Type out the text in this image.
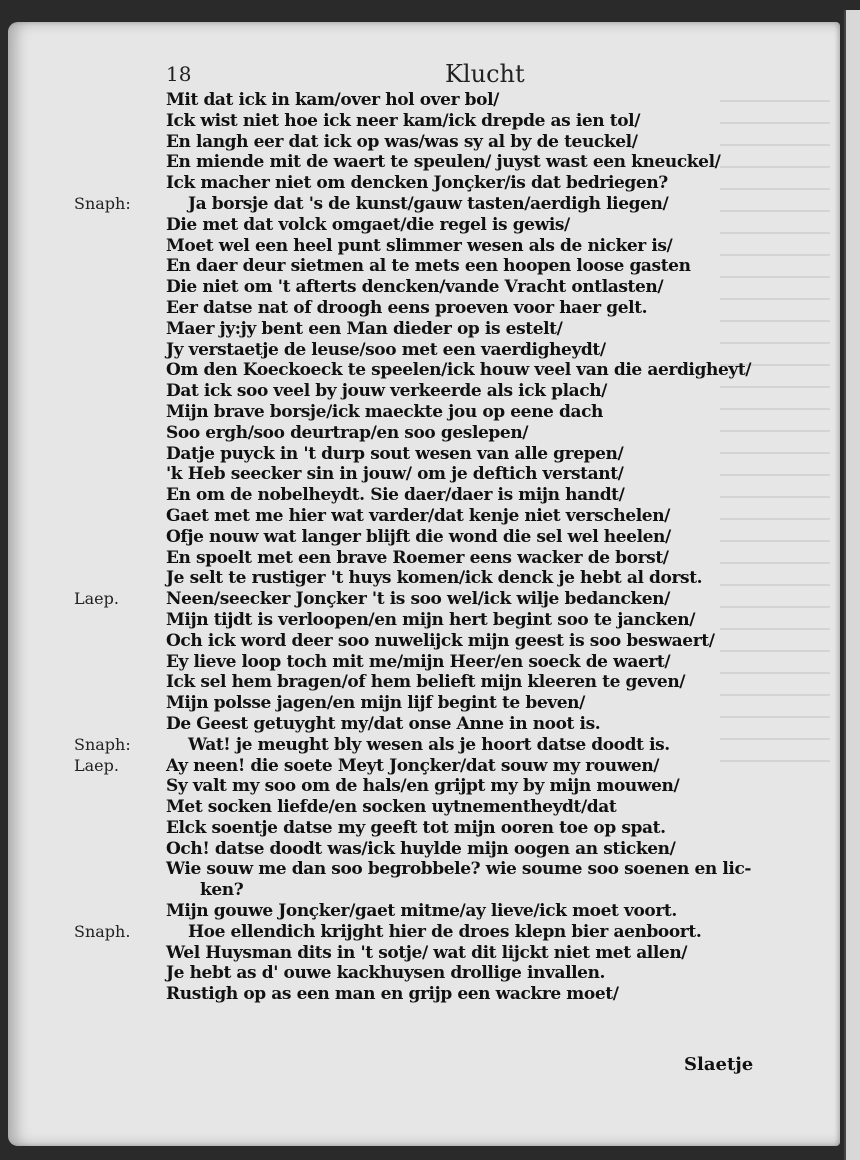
18	Klucht
Mit dat ick in kam/over hol over bol/
Ick wist niet hoe ick neer kam/ick drepde as ien tol/
En langh eer dat ick op was/was sy al by de teuckel/
En miende mit de waert te speulen/ juyst wast een kneuckel/
Ick macher niet om dencken Jonçker/is dat bedriegen?
Snaph:	Ja borsje dat 's de kunst/gauw tasten/aerdigh liegen/
Die met dat volck omgaet/die regel is gewis/
Moet wel een heel punt slimmer wesen als de nicker is/
En daer deur sietmen al te mets een hoopen loose gasten
Die niet om 't afterts dencken/vande Vracht ontlasten/
Eer datse nat of droogh eens proeven voor haer gelt.
Maer jy:jy bent een Man dieder op is estelt/
Jy verstaetje de leuse/soo met een vaerdigheydt/
Om den Koeckoeck te speelen/ick houw veel van die aerdigheyt/
Dat ick soo veel by jouw verkeerde als ick plach/
Mijn brave borsje/ick maeckte jou op eene dach
Soo ergh/soo deurtrap/en soo geslepen/
Datje puyck in 't durp sout wesen van alle grepen/
'k Heb seecker sin in jouw/ om je deftich verstant/
En om de nobelheydt. Sie daer/daer is mijn handt/
Gaet met me hier wat varder/dat kenje niet verschelen/
Ofje nouw wat langer blijft die wond die sel wel heelen/
En spoelt met een brave Roemer eens wacker de borst/
Je selt te rustiger 't huys komen/ick denck je hebt al dorst.
Laep.	Neen/seecker Jonçker 't is soo wel/ick wilje bedancken/
Mijn tijdt is verloopen/en mijn hert begint soo te jancken/
Och ick word deer soo nuwelijck mijn geest is soo beswaert/
Ey lieve loop toch mit me/mijn Heer/en soeck de waert/
Ick sel hem bragen/of hem belieft mijn kleeren te geven/
Mijn polsse jagen/en mijn lijf begint te beven/
De Geest getuyght my/dat onse Anne in noot is.
Snaph:	Wat! je meught bly wesen als je hoort datse doodt is.
Laep.	Ay neen! die soete Meyt Jonçker/dat souw my rouwen/
Sy valt my soo om de hals/en grijpt my by mijn mouwen/
Met socken liefde/en socken uytnementheydt/dat
Elck soentje datse my geeft tot mijn ooren toe op spat.
Och! datse doodt was/ick huylde mijn oogen an sticken/
Wie souw me dan soo begrobbele? wie soume soo soenen en lic-
ken?
Mijn gouwe Jonçker/gaet mitme/ay lieve/ick moet voort.
Snaph.	Hoe ellendich krijght hier de droes klepn bier aenboort.
Wel Huysman dits in 't sotje/ wat dit lijckt niet met allen/
Je hebt as d' ouwe kackhuysen drollige invallen.
Rustigh op as een man en grijp een wackre moet/
Slaetje
